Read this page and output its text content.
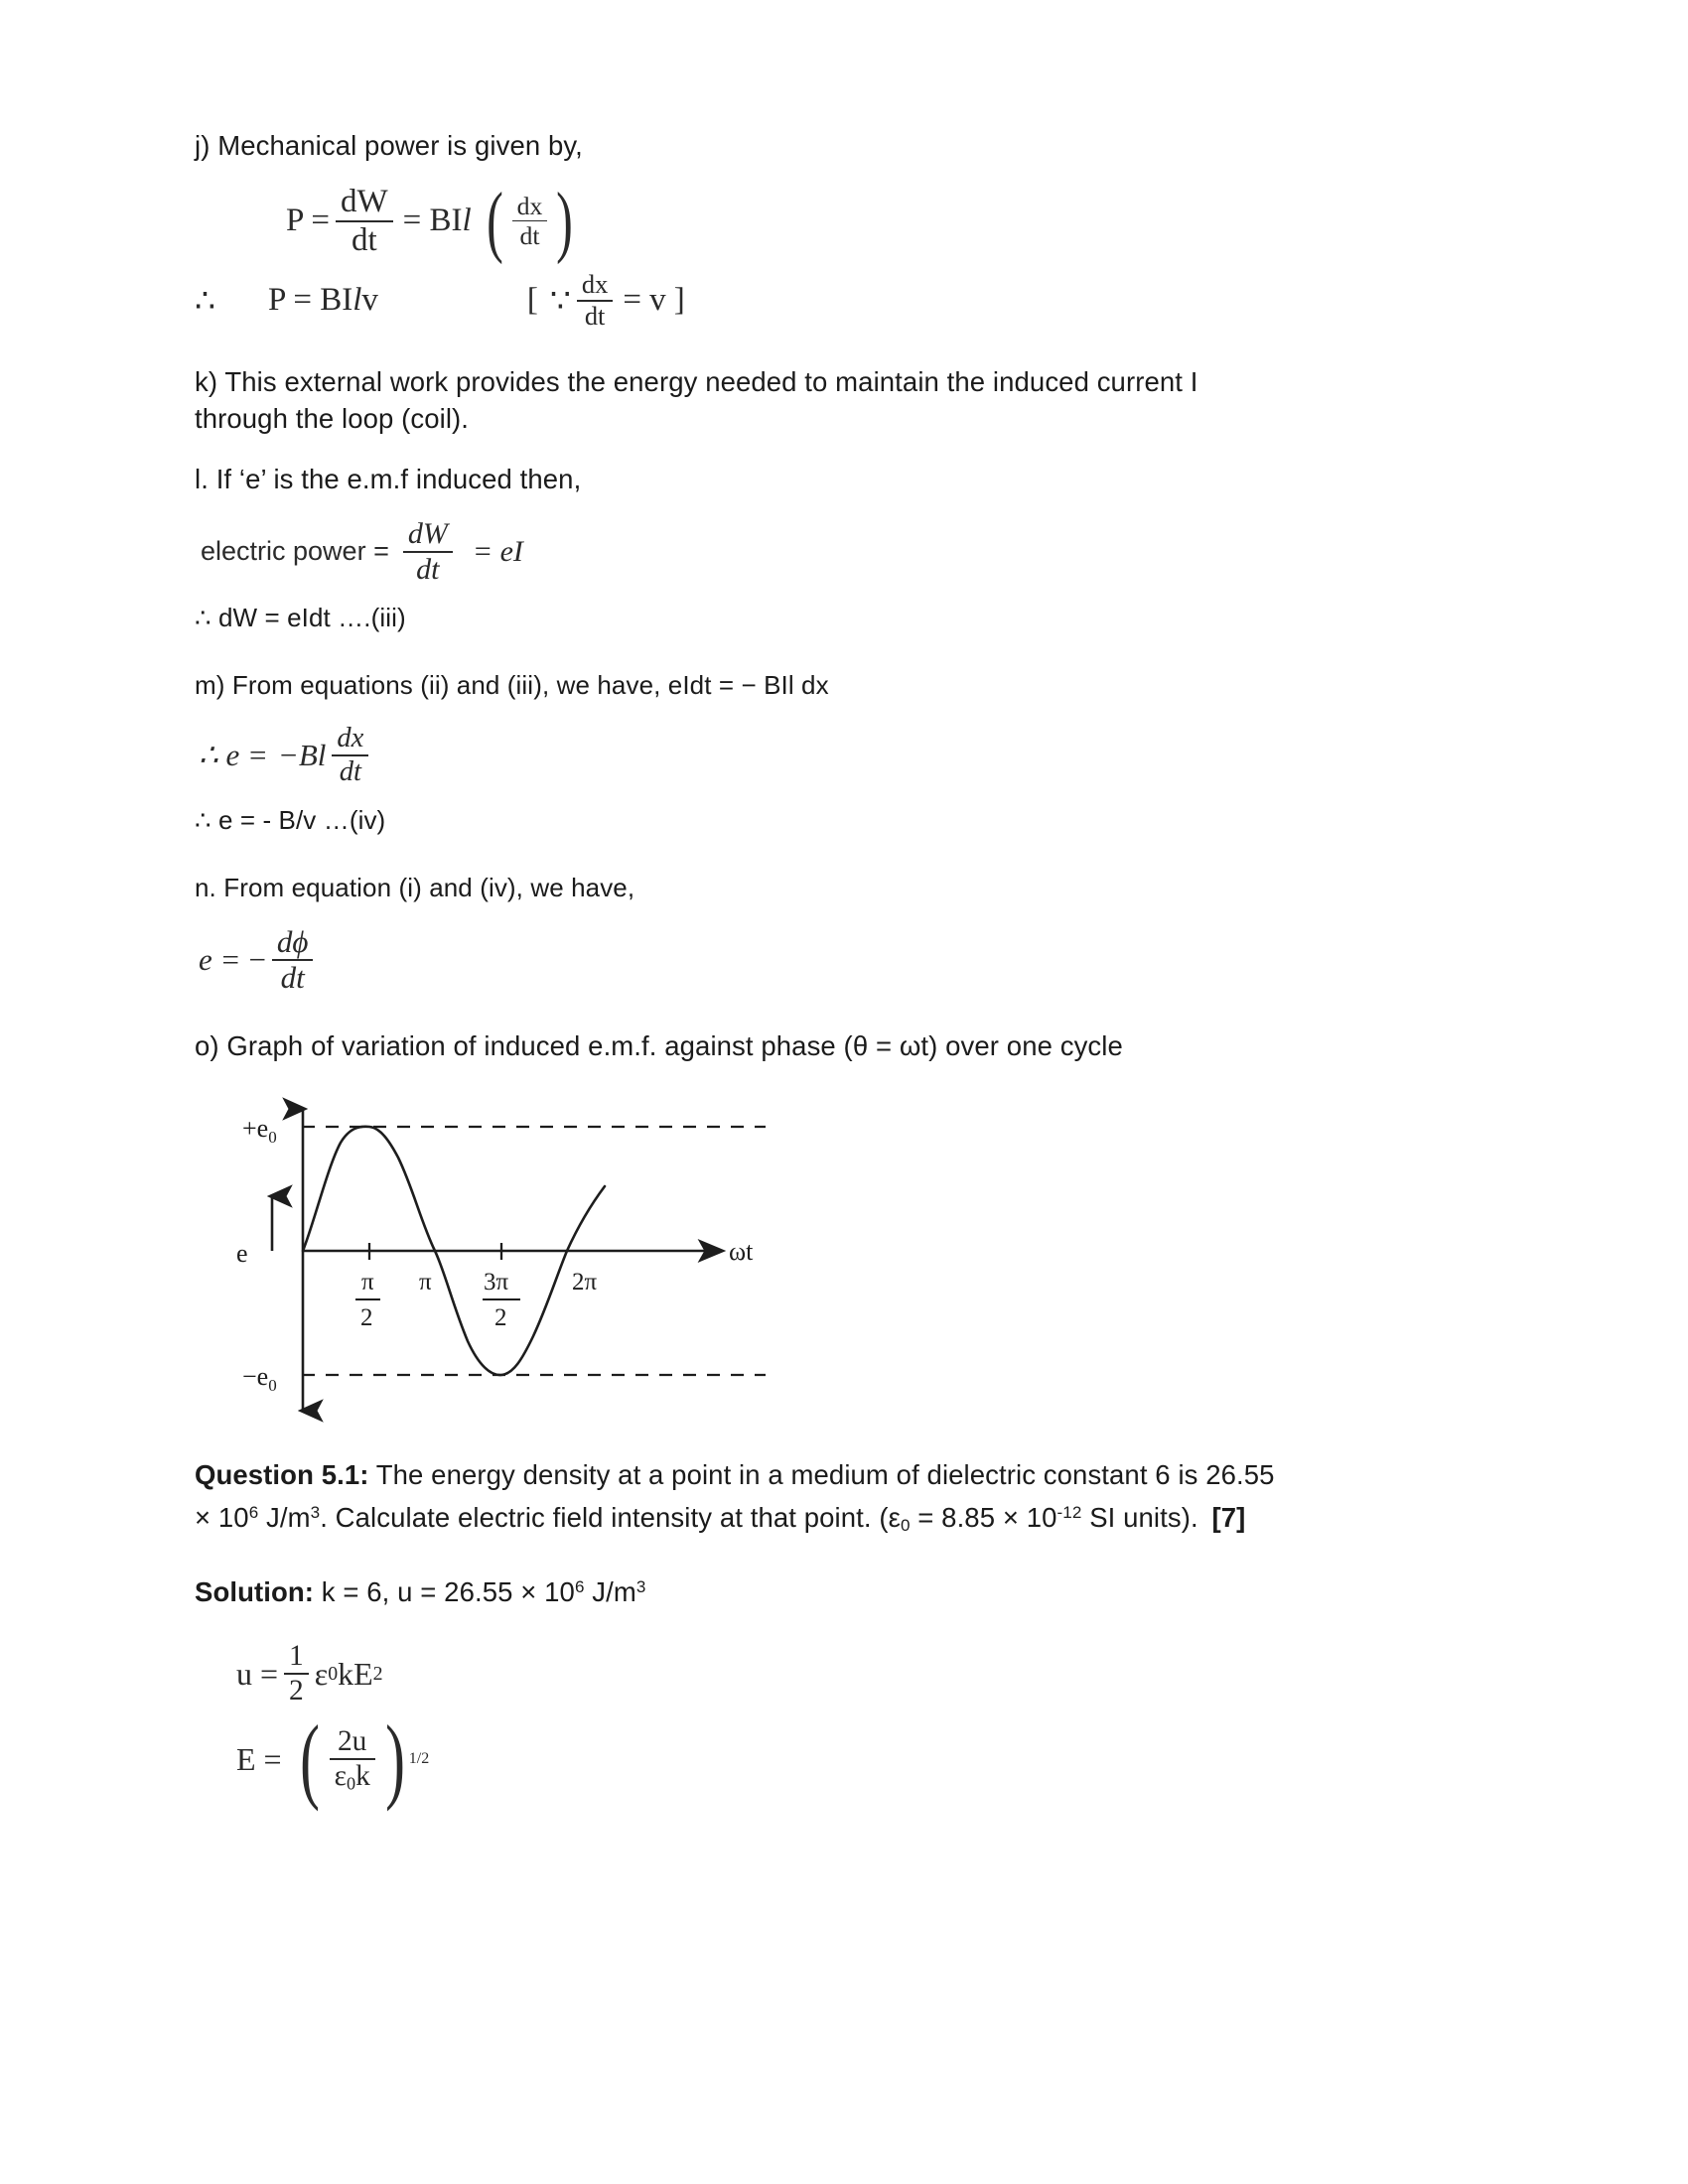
j) Mechanical power is given by,

$P = \frac{dW}{dt}$ = BI l ( $\frac{dx}{dt}$ )
∴	P = BI l v	[ ∵ $\frac{dx}{dt} = v$ ]

k) This external work provides the energy needed to maintain the induced current I
through the loop (coil).

l. If ‘e’ is the e.m.f induced then,

electric power = $\frac{dW}{dt}$ = eI

∴ dW = eIdt ….(iii)

m) From equations (ii) and (iii), we have, eIdt = − BIl dx

∴ $e = -Bl \frac{dx}{dt}$

∴ e = - B/v …(iv)

n. From equation (i) and (iv), we have,

e = − $\frac{d\phi}{dt}$

o) Graph of variation of induced e.m.f. against phase (θ = ωt) over one cycle

$+e_0$
$-e_0$
e	ωt
π
2
π 3π
2
2π

Question 5.1: The energy density at a point in a medium of dielectric constant 6 is 26.55
× $10^6$ $J/m^3$. Calculate electric field intensity at that point. ($\varepsilon_0 = 8.85 \times 10^{-12}$ SI units). [7]

Solution: k = 6, $u = 26.55 \times 10^6$ $J/m^3$

$u = \frac{1}{2}$ ε 0 kE 2
E = ( $\frac{2u}{\varepsilon_0k}$ ) 1/2
